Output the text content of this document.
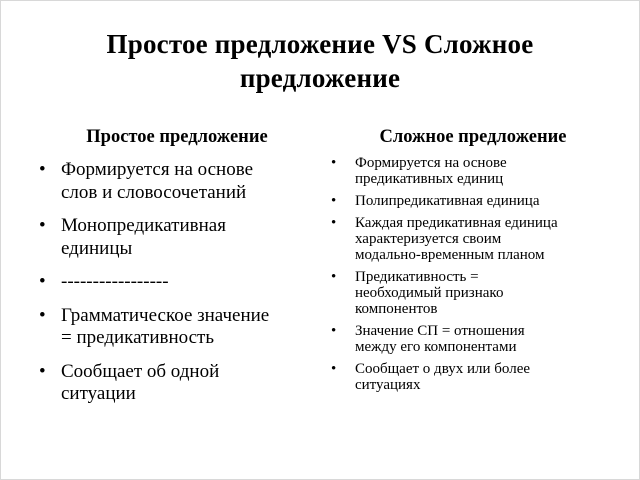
Простое предложение VS Сложное
предложение
Простое предложение	Сложное предложение
• Формируется на основе
слов и словосочетаний
• Монопредикативная
единицы
• -----------------
• Грамматическое значение
= предикативность
• Сообщает об одной
ситуации
• Формируется на основе
предикативных единиц
• Полипредикативная единица
• Каждая предикативная единица
характеризуется своим
модально-временным планом
• Предикативность =
необходимый признако
компонентов
• Значение СП = отношения
между его компонентами
• Сообщает о двух или более
ситуациях
